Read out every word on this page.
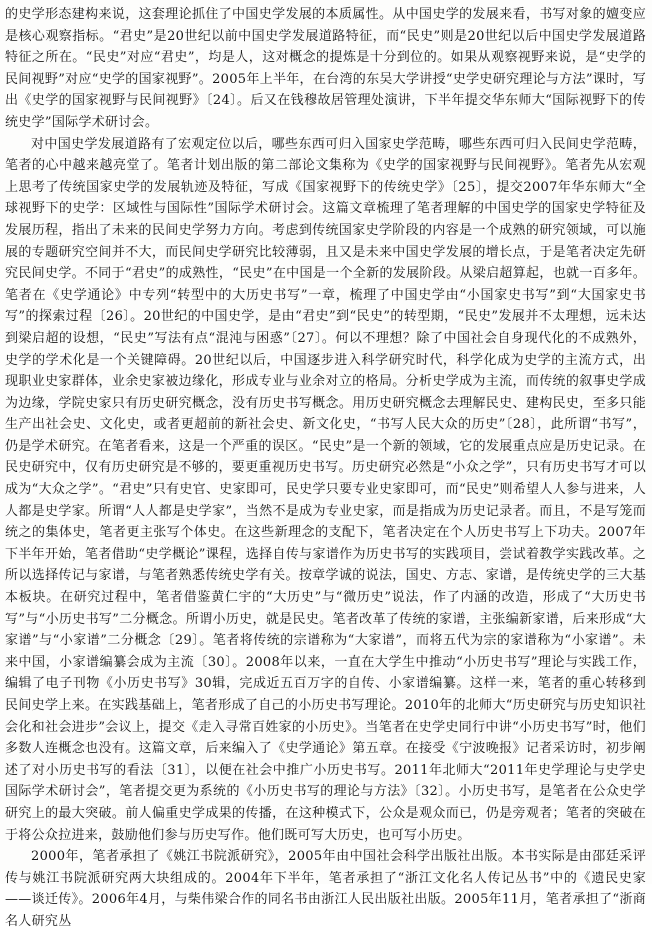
的史学形态建构来说，这套理论抓住了中国史学发展的本质属性。从中国史学的发展来看，书写对象的嬗变应是核心观察指标。“君史”是20世纪以前中国史学发展道路特征，而“民史”则是20世纪以后中国史学发展道路特征之所在。“民史”对应“君史”，均是人，这对概念的提炼是十分到位的。如果从观察视野来说，是“史学的民间视野”对应“史学的国家视野”。2005年上半年，在台湾的东吴大学讲授“史学史研究理论与方法”课时，写出《史学的国家视野与民间视野》〔24〕。后又在钱穆故居管理处演讲，下半年提交华东师大“国际视野下的传统史学”国际学术研讨会。

对中国史学发展道路有了宏观定位以后，哪些东西可归入国家史学范畴，哪些东西可归入民间史学范畴，笔者的心中越来越亮堂了。笔者计划出版的第二部论文集称为《史学的国家视野与民间视野》。笔者先从宏观上思考了传统国家史学的发展轨迹及特征，写成《国家视野下的传统史学》〔25〕，提交2007年华东师大“全球视野下的史学：区域性与国际性”国际学术研讨会。这篇文章梳理了笔者理解的中国史学的国家史学特征及发展历程，指出了未来的民间史学努力方向。考虑到传统国家史学阶段的内容是一个成熟的研究领域，可以施展的专题研究空间并不大，而民间史学研究比较薄弱，且又是未来中国史学发展的增长点，于是笔者决定先研究民间史学。不同于“君史”的成熟性，“民史”在中国是一个全新的发展阶段。从梁启超算起，也就一百多年。笔者在《史学通论》中专列“转型中的大历史书写”一章，梳理了中国史学由“小国家史书写”到“大国家史书写”的探索过程〔26〕。20世纪的中国史学，是由“君史”到“民史”的转型期，“民史”发展并不太理想，远未达到梁启超的设想，“民史”写法有点“混沌与困惑”〔27〕。何以不理想？除了中国社会自身现代化的不成熟外，史学的学术化是一个关键障碍。20世纪以后，中国逐步进入科学研究时代，科学化成为史学的主流方式，出现职业史家群体，业余史家被边缘化，形成专业与业余对立的格局。分析史学成为主流，而传统的叙事史学成为边缘，学院史家只有历史研究概念，没有历史书写概念。用历史研究概念去理解民史、建构民史，至多只能生产出社会史、文化史，或者更超前的新社会史、新文化史，“书写人民大众的历史”〔28〕，此所谓“书写”，仍是学术研究。在笔者看来，这是一个严重的误区。“民史”是一个新的领域，它的发展重点应是历史记录。在民史研究中，仅有历史研究是不够的，要更重视历史书写。历史研究必然是“小众之学”，只有历史书写才可以成为“大众之学”。“君史”只有史官、史家即可，民史学只要专业史家即可，而“民史”则希望人人参与进来，人人都是史学家。所谓“人人都是史学家”，当然不是成为专业史家，而是指成为历史记录者。而且，不是写笼而统之的集体史，笔者更主张写个体史。在这些新理念的支配下，笔者决定在个人历史书写上下功夫。2007年下半年开始，笔者借助“史学概论”课程，选择自传与家谱作为历史书写的实践项目，尝试着教学实践改革。之所以选择传记与家谱，与笔者熟悉传统史学有关。按章学诚的说法，国史、方志、家谱，是传统史学的三大基本板块。在研究过程中，笔者借鉴黄仁宇的“大历史”与“微历史”说法，作了内涵的改造，形成了“大历史书写”与“小历史书写”二分概念。所谓小历史，就是民史。笔者改革了传统的家谱，主张编新家谱，后来形成“大家谱”与“小家谱”二分概念〔29〕。笔者将传统的宗谱称为“大家谱”，而将五代为宗的家谱称为“小家谱”。未来中国，小家谱编纂会成为主流〔30〕。2008年以来，一直在大学生中推动“小历史书写”理论与实践工作，编辑了电子刊物《小历史书写》30辑，完成近五百万字的自传、小家谱编纂。这样一来，笔者的重心转移到民间史学上来。在实践基础上，笔者形成了自己的小历史书写理论。2010年的北师大“历史研究与历史知识社会化和社会进步”会议上，提交《走入寻常百姓家的小历史》。当笔者在史学史同行中讲“小历史书写”时，他们多数人连概念也没有。这篇文章，后来编入了《史学通论》第五章。在接受《宁波晚报》记者采访时，初步阐述了对小历史书写的看法〔31〕，以便在社会中推广小历史书写。2011年北师大“2011年史学理论与史学史国际学术研讨会”，笔者提交更为系统的《小历史书写的理论与方法》〔32〕。小历史书写，是笔者在公众史学研究上的最大突破。前人偏重史学成果的传播，在这种模式下，公众是观众而已，仍是旁观者；笔者的突破在于将公众拉进来，鼓励他们参与历史写作。他们既可写大历史，也可写小历史。

2000年，笔者承担了《姚江书院派研究》，2005年由中国社会科学出版社出版。本书实际是由邵廷采评传与姚江书院派研究两大块组成的。2004年下半年，笔者承担了“浙江文化名人传记丛书”中的《遗民史家——谈迁传》。2006年4月，与柴伟梁合作的同名书由浙江人民出版社出版。2005年11月，笔者承担了“浙商名人研究丛
